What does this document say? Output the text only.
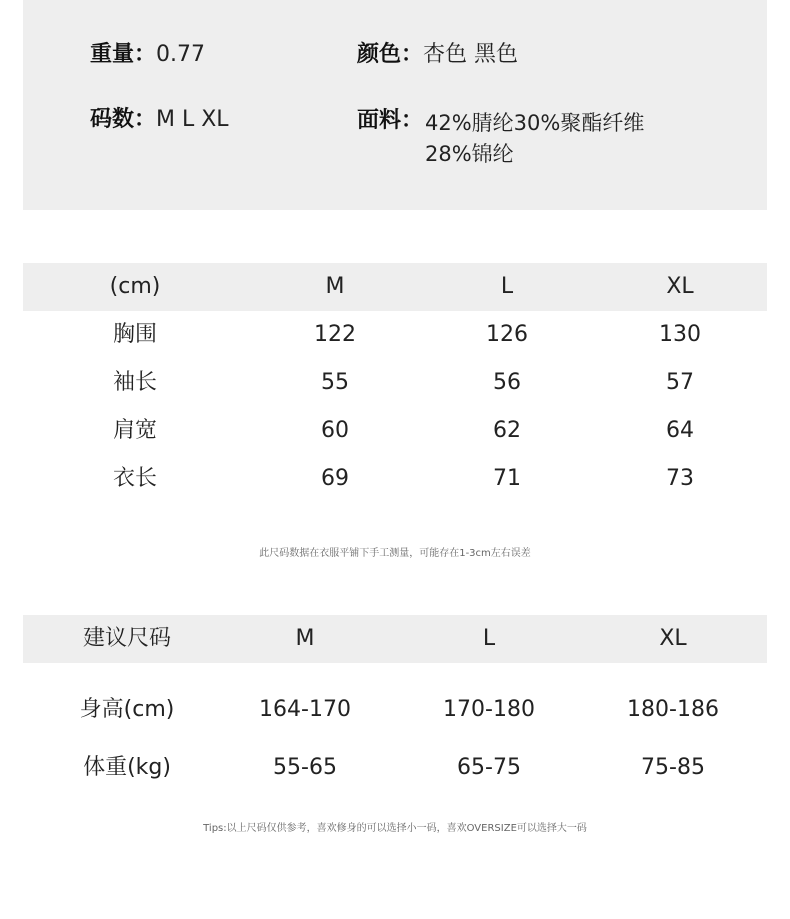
重量：0.77	颜色：杏色 黑色
码数：M L XL	面料： 42%腈纶30%聚酯纤维
28%锦纶
(cm)	M	L	XL
胸围	122	126	130
袖长	55	56	57
肩宽	60	62	64
衣长	69	71	73
此尺码数据在衣服平铺下手工测量，可能存在1-3cm左右误差
建议尺码	M	L	XL
身高(cm)	164-170	170-180	180-186
体重(kg)	55-65	65-75	75-85
Tips:以上尺码仅供参考，喜欢修身的可以选择小一码，喜欢OVERSIZE可以选择大一码
